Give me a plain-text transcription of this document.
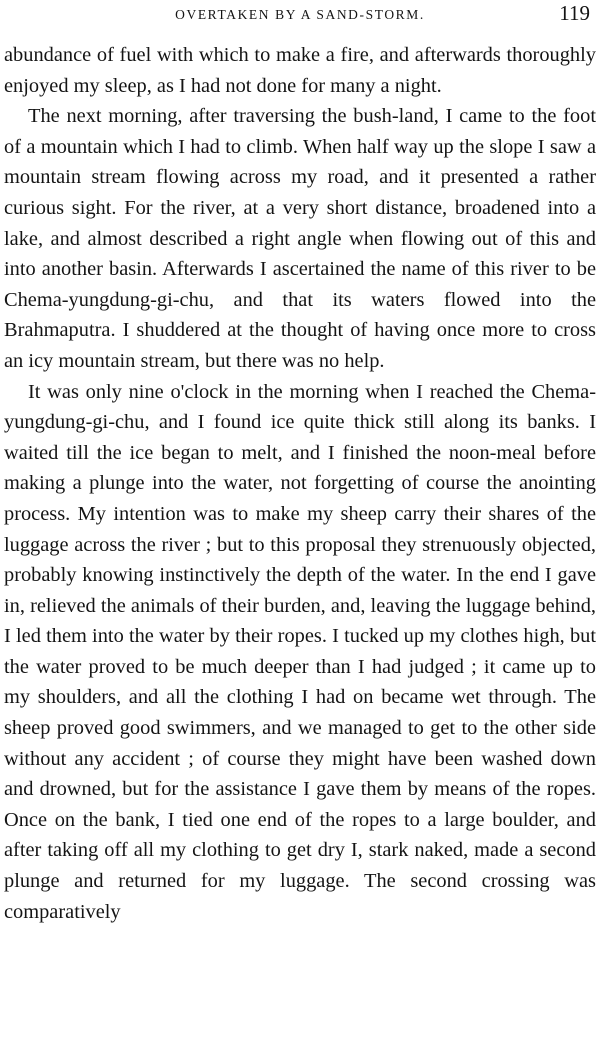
OVERTAKEN BY A SAND-STORM.	119

abundance of fuel with which to make a fire, and afterwards thoroughly enjoyed my sleep, as I had not done for many a night.

The next morning, after traversing the bush-land, I came to the foot of a mountain which I had to climb. When half way up the slope I saw a mountain stream flowing across my road, and it presented a rather curious sight. For the river, at a very short distance, broadened into a lake, and almost described a right angle when flowing out of this and into another basin. Afterwards I ascertained the name of this river to be Chema-yungdung-gi-chu, and that its waters flowed into the Brahmaputra. I shuddered at the thought of having once more to cross an icy mountain stream, but there was no help.

It was only nine o'clock in the morning when I reached the Chema-yungdung-gi-chu, and I found ice quite thick still along its banks. I waited till the ice began to melt, and I finished the noon-meal before making a plunge into the water, not forgetting of course the anointing process. My intention was to make my sheep carry their shares of the luggage across the river ; but to this proposal they strenuously objected, probably knowing instinctively the depth of the water. In the end I gave in, relieved the animals of their burden, and, leaving the luggage behind, I led them into the water by their ropes. I tucked up my clothes high, but the water proved to be much deeper than I had judged ; it came up to my shoulders, and all the clothing I had on became wet through. The sheep proved good swimmers, and we managed to get to the other side without any accident ; of course they might have been washed down and drowned, but for the assistance I gave them by means of the ropes. Once on the bank, I tied one end of the ropes to a large boulder, and after taking off all my clothing to get dry I, stark naked, made a second plunge and returned for my luggage. The second crossing was comparatively
